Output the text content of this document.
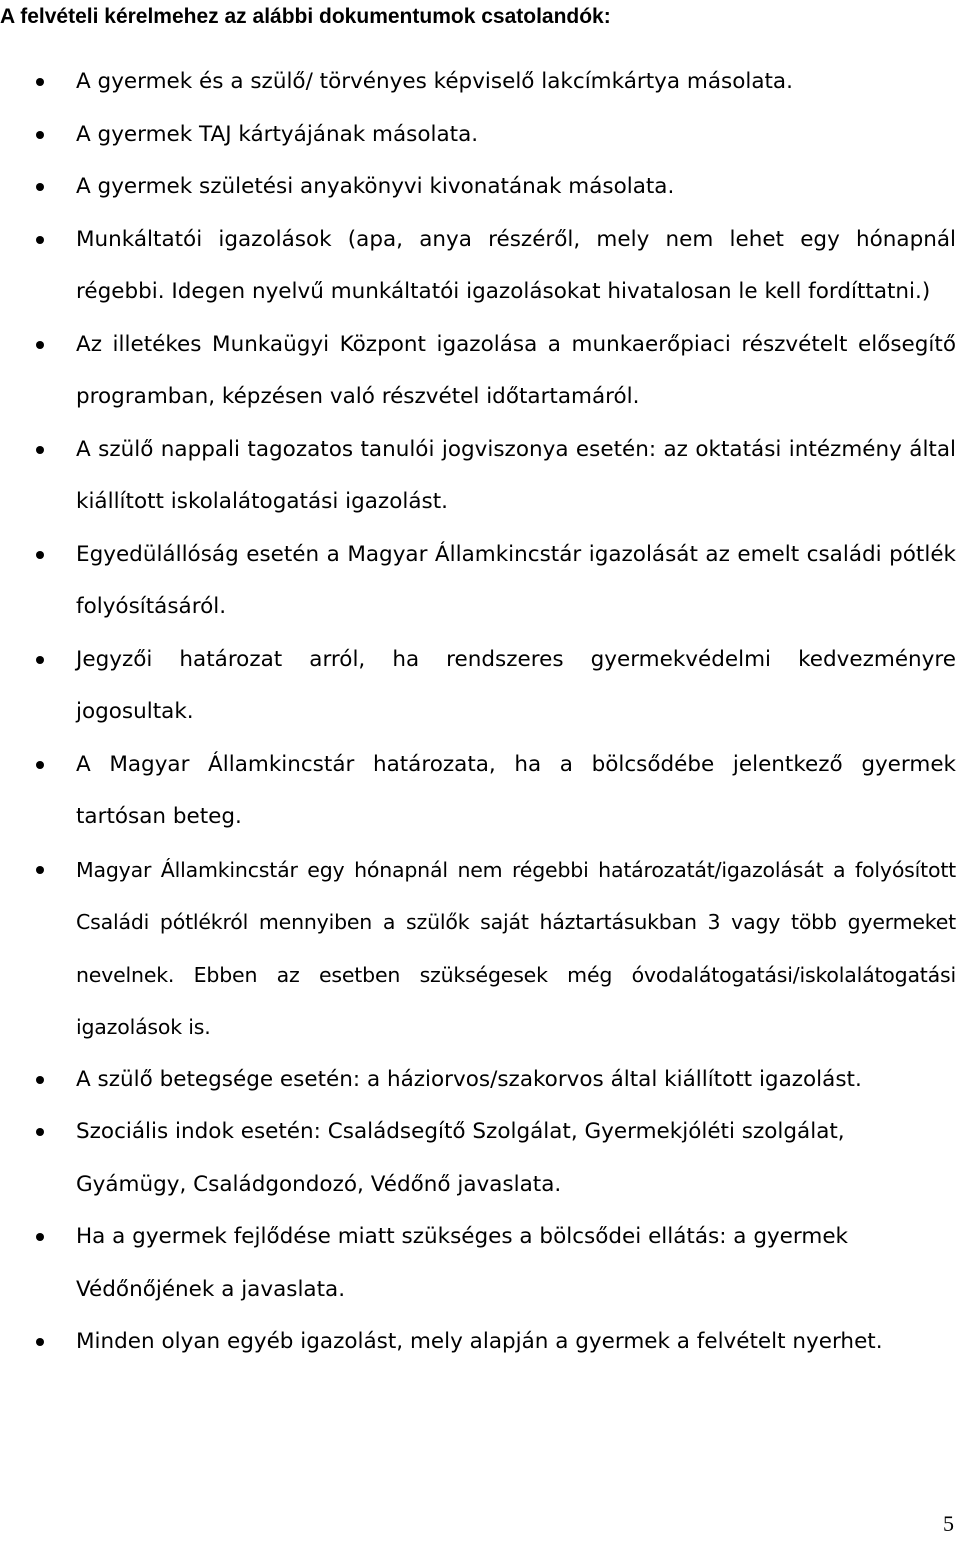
A felvételi kérelmehez az alábbi dokumentumok csatolandók:
A gyermek és a szülő/ törvényes képviselő lakcímkártya másolata.
A gyermek TAJ kártyájának másolata.
A gyermek születési anyakönyvi kivonatának másolata.
Munkáltatói igazolások (apa, anya részéről, mely nem lehet egy hónapnál régebbi. Idegen nyelvű munkáltatói igazolásokat hivatalosan le kell fordíttatni.)
Az illetékes Munkaügyi Központ igazolása a munkaerőpiaci részvételt elősegítő programban, képzésen való részvétel időtartamáról.
A szülő nappali tagozatos tanulói jogviszonya esetén: az oktatási intézmény által kiállított iskolalátogatási igazolást.
Egyedülállóság esetén a Magyar Államkincstár igazolását az emelt családi pótlék folyósításáról.
Jegyzői határozat arról, ha rendszeres gyermekvédelmi kedvezményre jogosultak.
A Magyar Államkincstár határozata, ha a bölcsődébe jelentkező gyermek tartósan beteg.
Magyar Államkincstár egy hónapnál nem régebbi határozatát/igazolását a folyósított Családi pótlékról mennyiben a szülők saját háztartásukban 3 vagy több gyermeket nevelnek. Ebben az esetben szükségesek még óvodalátogatási/iskolalátogatási igazolások is.
A szülő betegsége esetén: a háziorvos/szakorvos által kiállított igazolást.
Szociális indok esetén: Családsegítő Szolgálat, Gyermekjóléti szolgálat, Gyámügy, Családgondozó, Védőnő javaslata.
Ha a gyermek fejlődése miatt szükséges a bölcsődei ellátás: a gyermek Védőnőjének a javaslata.
Minden olyan egyéb igazolást, mely alapján a gyermek a felvételt nyerhet.
5
